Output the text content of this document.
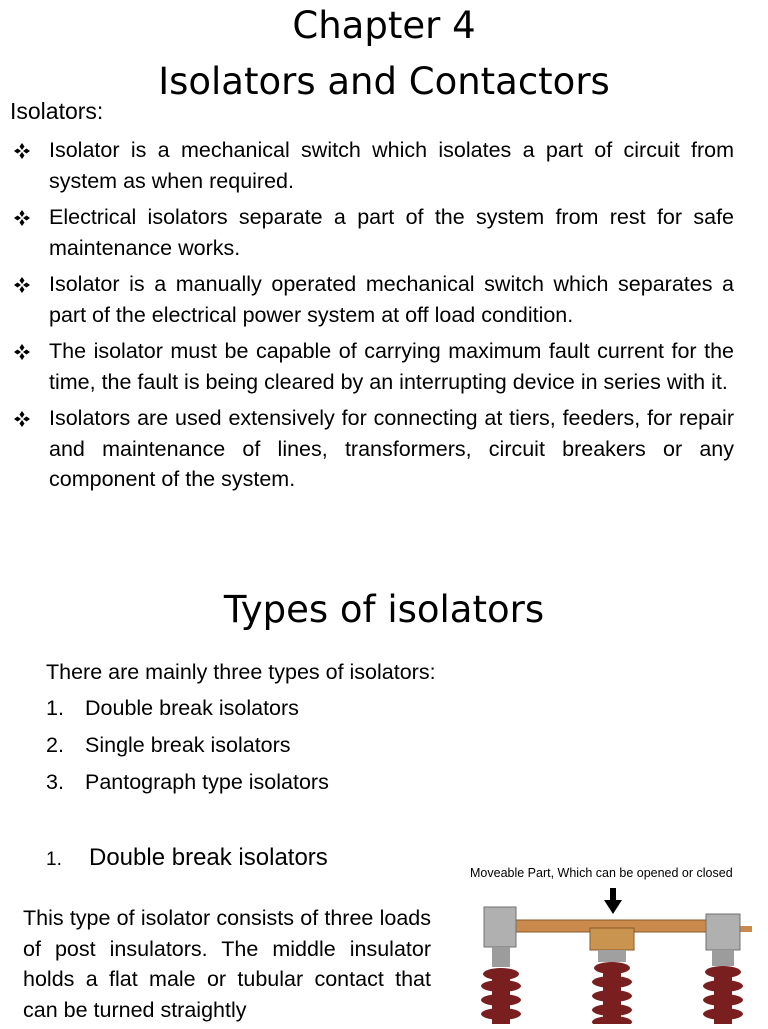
Chapter 4
Isolators and Contactors
Isolators:
Isolator is a mechanical switch which isolates a part of circuit from system as when required.
Electrical isolators separate a part of the system from rest for safe maintenance works.
Isolator is a manually operated mechanical switch which separates a part of the electrical power system at off load condition.
The isolator must be capable of carrying maximum fault current for the time, the fault is being cleared by an interrupting device in series with it.
Isolators are used extensively for connecting at tiers, feeders, for repair and maintenance of lines, transformers, circuit breakers or any component of the system.
Types of isolators
There are mainly three types of isolators:
1. Double break isolators
2. Single break isolators
3. Pantograph type isolators
1.	Double break isolators
This type of isolator consists of three loads of post insulators. The middle insulator holds a flat male or tubular contact that can be turned straightly
Moveable Part, Which can be opened or closed
